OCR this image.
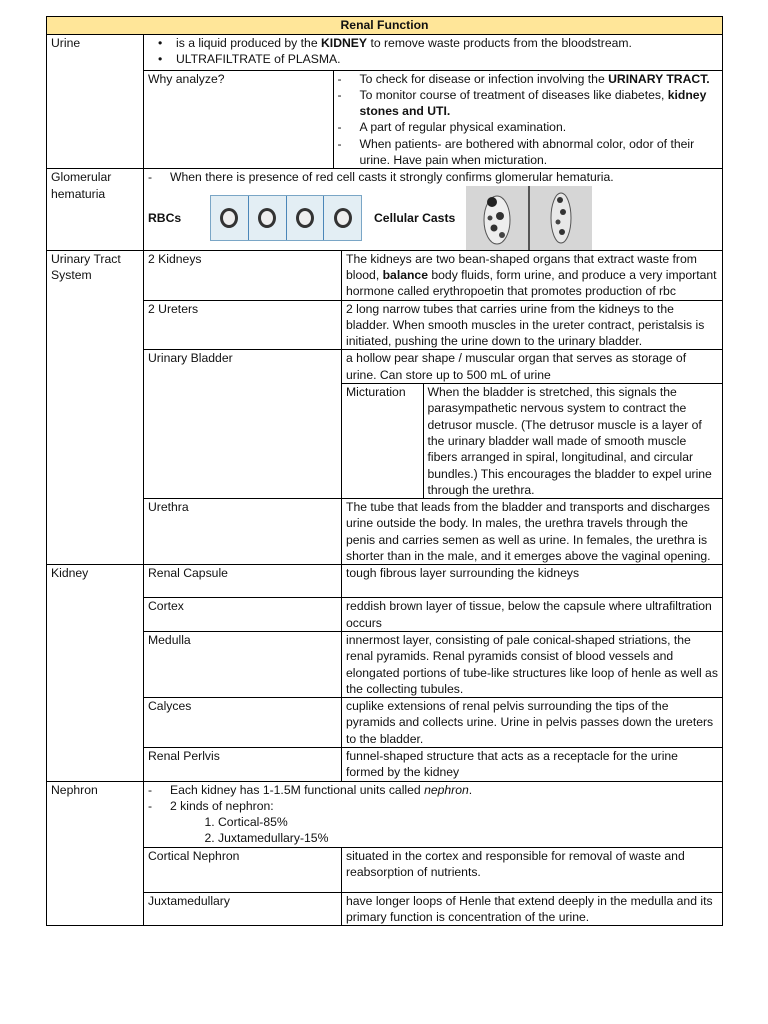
Renal Function
Urine	
•is a liquid produced by the KIDNEY to remove waste products from the bloodstream.
• ULTRAFILTRATE of PLASMA.

Why analyze?	-	To check for disease or infection involving the URINARY TRACT.
-	To monitor course of treatment of diseases like diabetes, kidney stones and UTI.
-	A part of regular physical examination.
-	When patients- are bothered with abnormal color, odor of their urine. Have pain when micturation.

Glomerular hematuria	
-	When there is presence of red cell casts it strongly confirms glomerular hematuria.
RBCs	Cellular Casts

Urinary Tract System	2 Kidneys	The kidneys are two bean-shaped organs that extract waste from blood, balance body fluids, form urine, and produce a very important hormone called erythropoetin that promotes production of rbc
2 Ureters	2 long narrow tubes that carries urine from the kidneys to the bladder. When smooth muscles in the ureter contract, peristalsis is initiated, pushing the urine down to the urinary bladder.
Urinary Bladder	a hollow pear shape / muscular organ that serves as storage of urine. Can store up to 500 mL of urine

Micturation	When the bladder is stretched, this signals the parasympathetic nervous system to contract the detrusor muscle. (The detrusor muscle is a layer of the urinary bladder wall made of smooth muscle fibers arranged in spiral, longitudinal, and circular bundles.) This encourages the bladder to expel urine through the urethra.

Urethra	The tube that leads from the bladder and transports and discharges urine outside the body. In males, the urethra travels through the penis and carries semen as well as urine. In females, the urethra is shorter than in the male, and it emerges above the vaginal opening.
Kidney	Renal Capsule	tough fibrous layer surrounding the kidneys
Cortex	reddish brown layer of tissue, below the capsule where ultrafiltration occurs
Medulla	innermost layer, consisting of pale conical-shaped striations, the renal pyramids. Renal pyramids consist of blood vessels and elongated portions of tube-like structures like loop of henle as well as the collecting tubules.
Calyces	cuplike extensions of renal pelvis surrounding the tips of the pyramids and collects urine. Urine in pelvis passes down the ureters to the bladder.
Renal Perlvis	funnel-shaped structure that acts as a receptacle for the urine formed by the kidney
Nephron	-	Each kidney has 1-1.5M functional units called nephron.
-	2 kinds of nephron:
1. Cortical-85%
2. Juxtamedullary-15%

Cortical Nephron	situated in the cortex and responsible for removal of waste and reabsorption of nutrients.
Juxtamedullary	have longer loops of Henle that extend deeply in the medulla and its primary function is concentration of the urine.
